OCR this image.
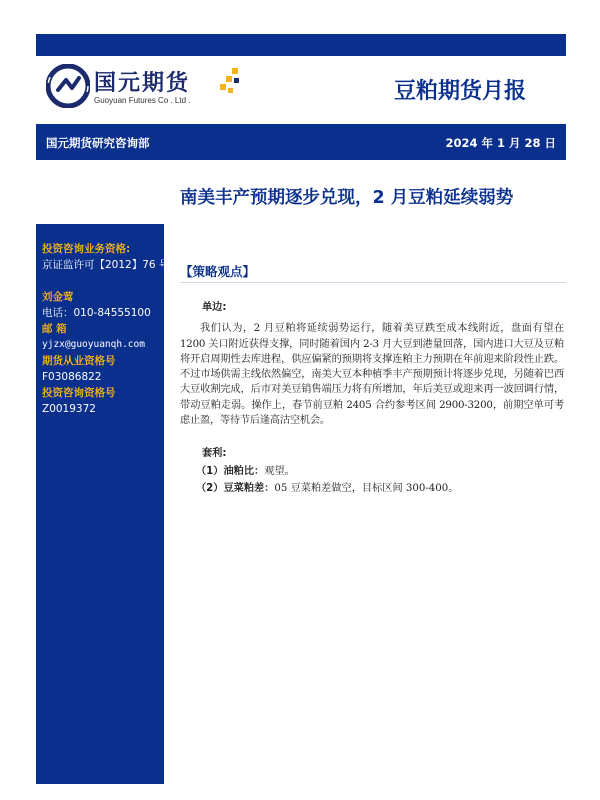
国元期货
Guoyuan Futures Co . Ltd .	豆粕期货月报
国元期货研究咨询部	2024 年 1 月 28 日
南美丰产预期逐步兑现，2 月豆粕延续弱势
投资咨询业务资格:
京证监许可【2012】76 号
刘金莺
电话：010-84555100
邮 箱
yjzx@guoyuanqh.com
期货从业资格号
F03086822
投资咨询资格号
Z0019372
【策略观点】
单边:

我们认为，2 月豆粕将延续弱势运行，随着美豆跌至成本线附近，盘面有望在 1200 关口附近获得支撑，同时随着国内 2-3 月大豆到港量回落，国内进口大豆及豆粕将开启周期性去库进程，供应偏紧的预期将支撑连粕主力预期在年前迎来阶段性止跌。不过市场供需主线依然偏空，南美大豆本种植季丰产预期预计将逐步兑现，另随着巴西大豆收割完成，后市对美豆销售端压力将有所增加，年后美豆或迎来再一波回调行情，带动豆粕走弱。操作上，春节前豆粕 2405 合约参考区间 2900-3200，前期空单可考虑止盈，等待节后逢高沽空机会。

套利:
（1）油粕比：观望。
（2）豆菜粕差：05 豆菜粕差做空，目标区间 300-400。
